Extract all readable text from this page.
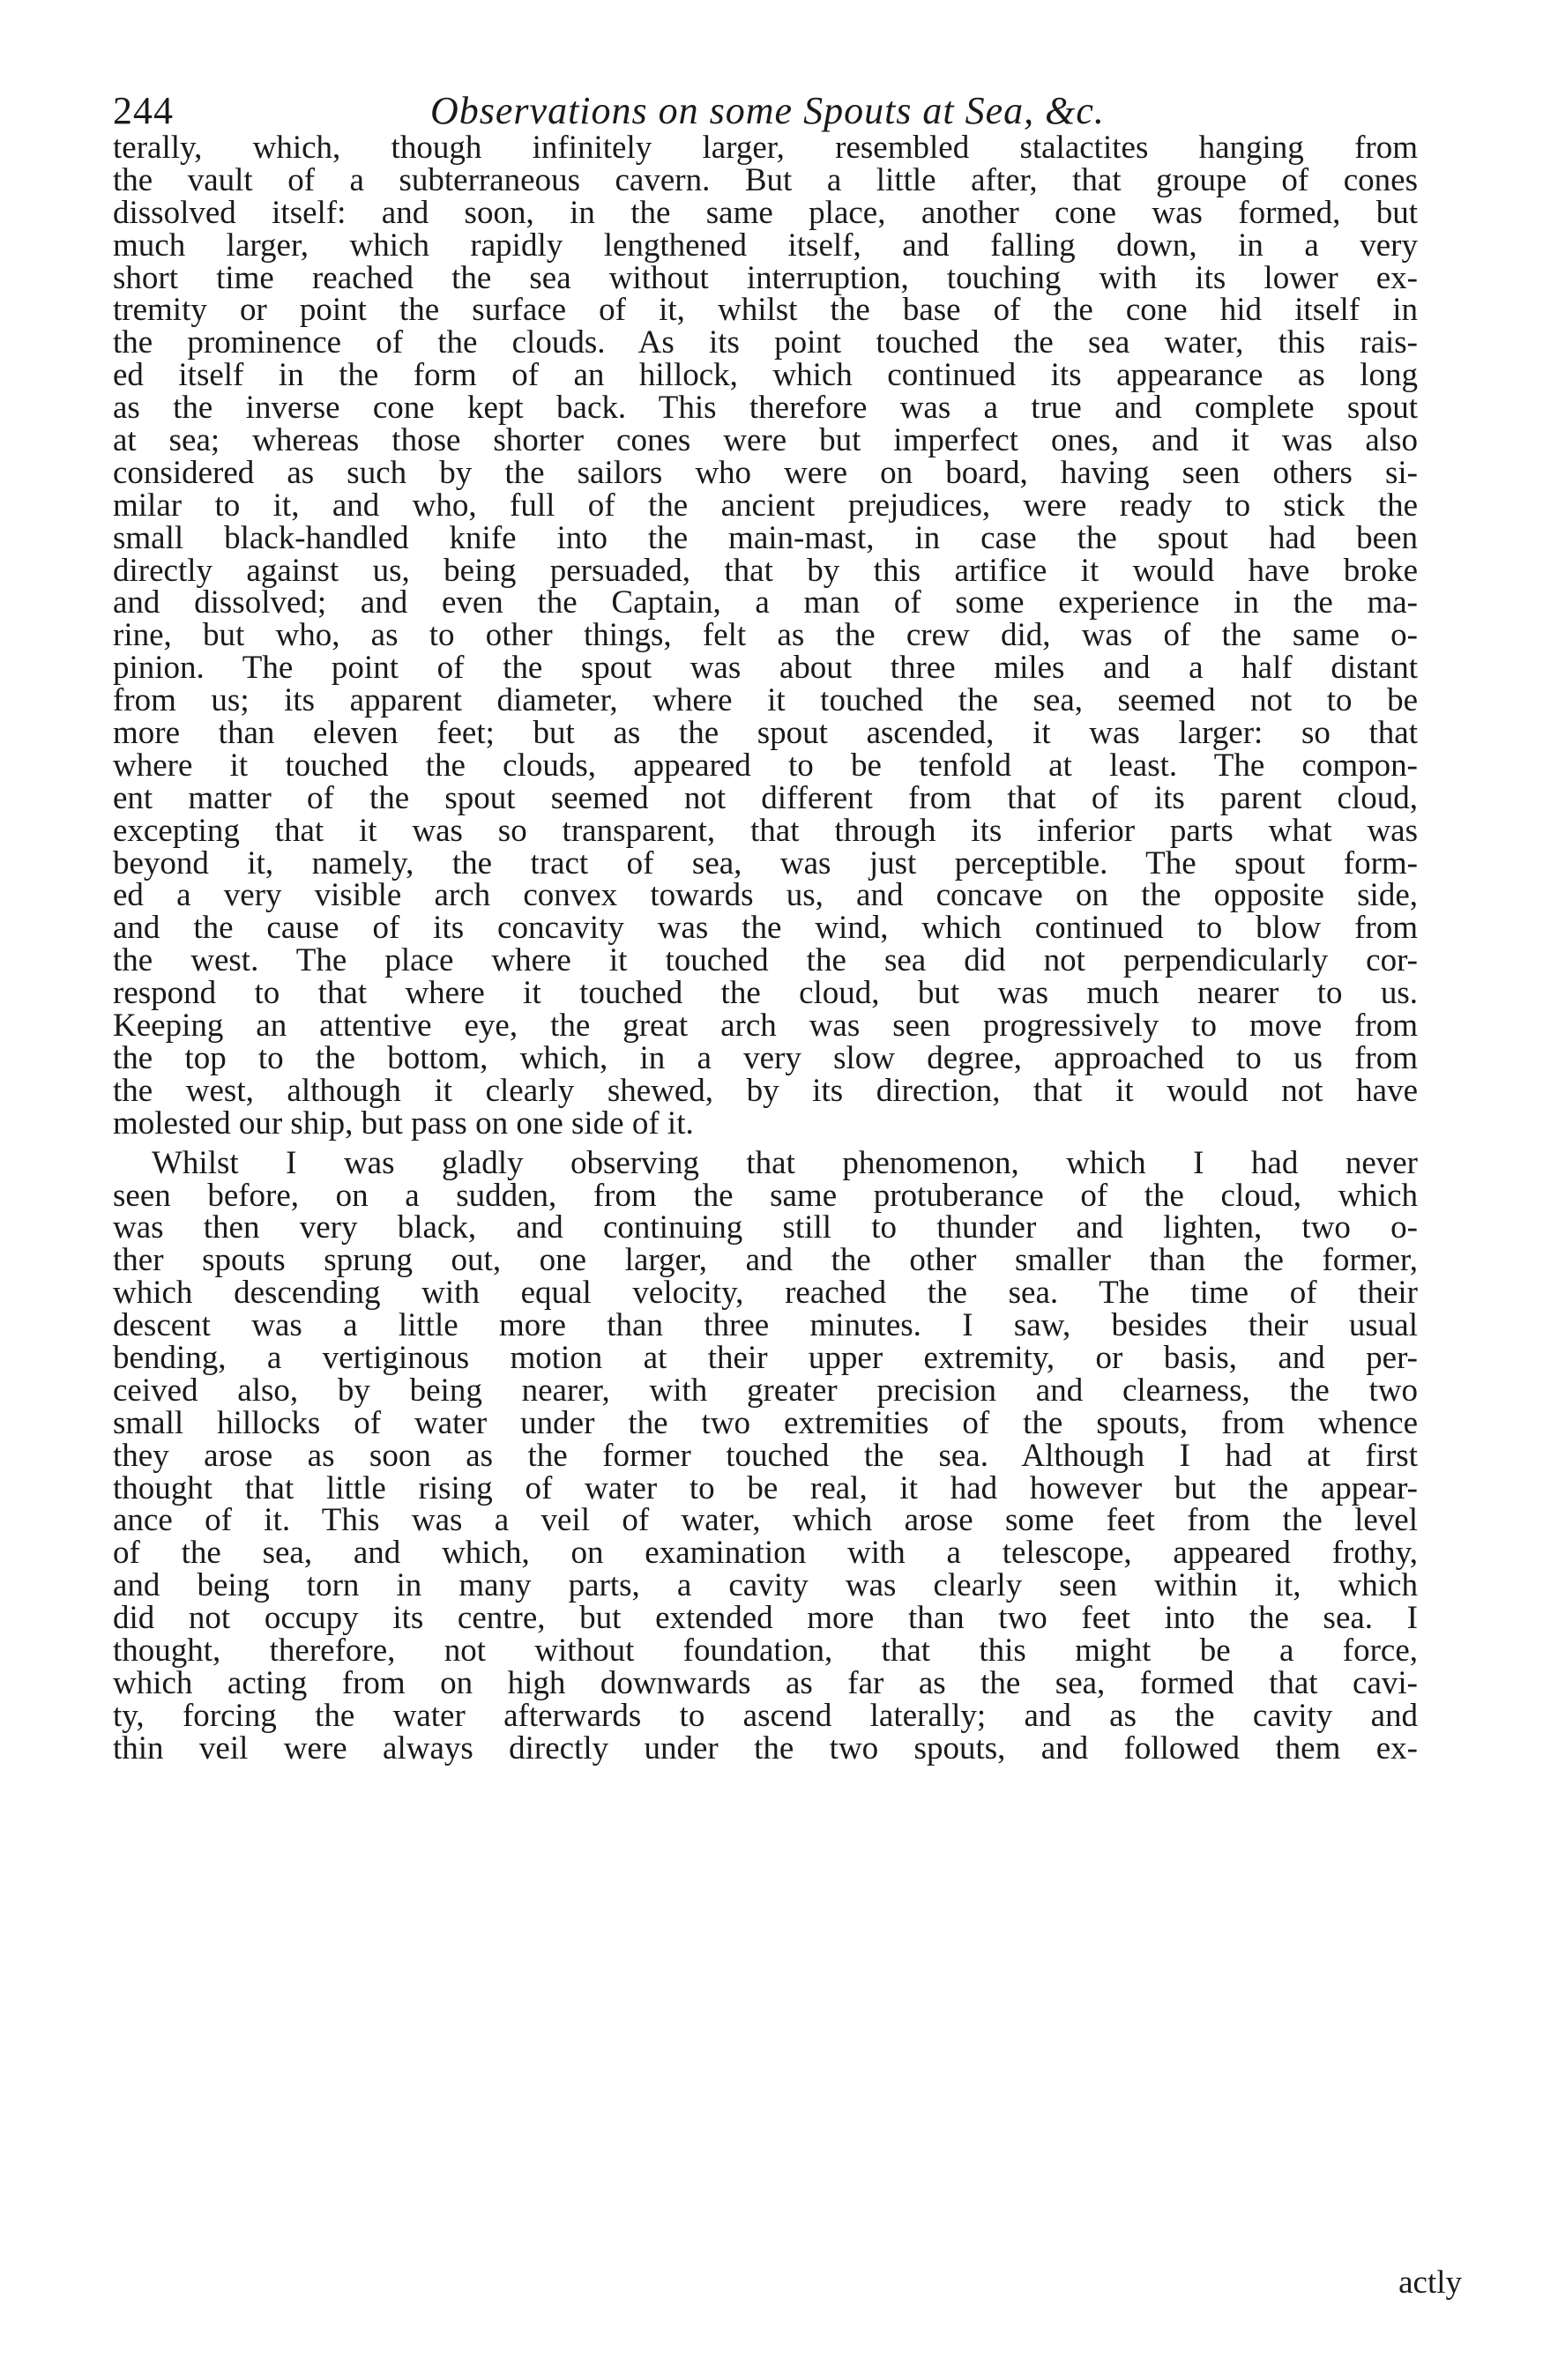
244	Observations on some Spouts at Sea, &c.
terally, which, though infinitely larger, resembled stalactites hanging from
the vault of a subterraneous cavern. But a little after, that groupe of cones
dissolved itself: and soon, in the same place, another cone was formed, but
much larger, which rapidly lengthened itself, and falling down, in a very
short time reached the sea without interruption, touching with its lower ex-
tremity or point the surface of it, whilst the base of the cone hid itself in
the prominence of the clouds. As its point touched the sea water, this rais-
ed itself in the form of an hillock, which continued its appearance as long
as the inverse cone kept back. This therefore was a true and complete spout
at sea; whereas those shorter cones were but imperfect ones, and it was also
considered as such by the sailors who were on board, having seen others si-
milar to it, and who, full of the ancient prejudices, were ready to stick the
small black-handled knife into the main-mast, in case the spout had been
directly against us, being persuaded, that by this artifice it would have broke
and dissolved; and even the Captain, a man of some experience in the ma-
rine, but who, as to other things, felt as the crew did, was of the same o-
pinion. The point of the spout was about three miles and a half distant
from us; its apparent diameter, where it touched the sea, seemed not to be
more than eleven feet; but as the spout ascended, it was larger: so that
where it touched the clouds, appeared to be tenfold at least. The compon-
ent matter of the spout seemed not different from that of its parent cloud,
excepting that it was so transparent, that through its inferior parts what was
beyond it, namely, the tract of sea, was just perceptible. The spout form-
ed a very visible arch convex towards us, and concave on the opposite side,
and the cause of its concavity was the wind, which continued to blow from
the west. The place where it touched the sea did not perpendicularly cor-
respond to that where it touched the cloud, but was much nearer to us.
Keeping an attentive eye, the great arch was seen progressively to move from
the top to the bottom, which, in a very slow degree, approached to us from
the west, although it clearly shewed, by its direction, that it would not have
molested our ship, but pass on one side of it.
Whilst I was gladly observing that phenomenon, which I had never
seen before, on a sudden, from the same protuberance of the cloud, which
was then very black, and continuing still to thunder and lighten, two o-
ther spouts sprung out, one larger, and the other smaller than the former,
which descending with equal velocity, reached the sea. The time of their
descent was a little more than three minutes. I saw, besides their usual
bending, a vertiginous motion at their upper extremity, or basis, and per-
ceived also, by being nearer, with greater precision and clearness, the two
small hillocks of water under the two extremities of the spouts, from whence
they arose as soon as the former touched the sea. Although I had at first
thought that little rising of water to be real, it had however but the appear-
ance of it. This was a veil of water, which arose some feet from the level
of the sea, and which, on examination with a telescope, appeared frothy,
and being torn in many parts, a cavity was clearly seen within it, which
did not occupy its centre, but extended more than two feet into the sea. I
thought, therefore, not without foundation, that this might be a force,
which acting from on high downwards as far as the sea, formed that cavi-
ty, forcing the water afterwards to ascend laterally; and as the cavity and
thin veil were always directly under the two spouts, and followed them ex-
actly
